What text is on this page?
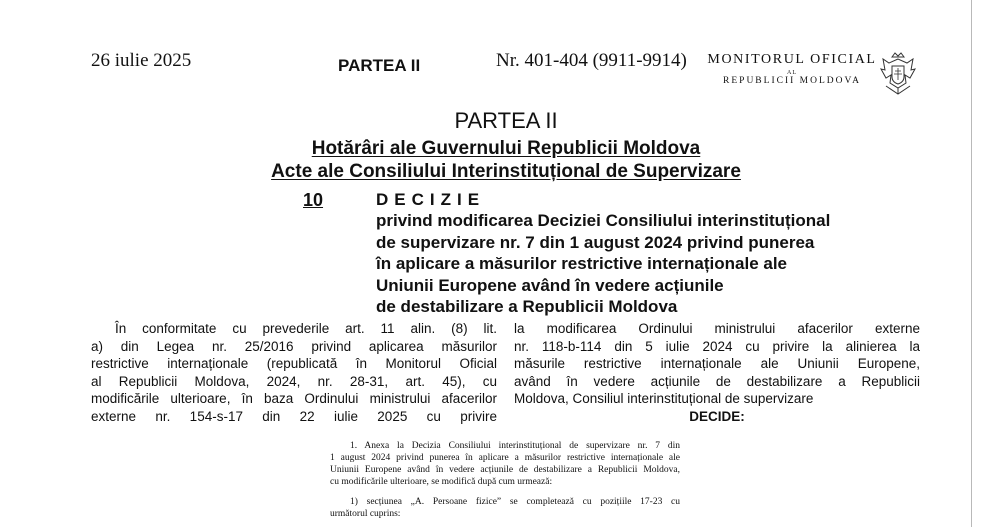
26 iulie 2025	PARTEA II	Nr. 401-404 (9911-9914) MONITORUL OFICIAL
AL
REPUBLICII MOLDOVA
PARTEA II
Hotărâri ale Guvernului Republicii Moldova
Acte ale Consiliului Interinstituțional de Supervizare
10	DECIZIE
privind modificarea Deciziei Consiliului interinstituțional
de supervizare nr. 7 din 1 august 2024 privind punerea
în aplicare a măsurilor restrictive internaționale ale
Uniunii Europene având în vedere acțiunile
de destabilizare a Republicii Moldova
În conformitate cu prevederile art. 11 alin. (8) lit.
a) din Legea nr. 25/2016 privind aplicarea măsurilor
restrictive internaționale (republicată în Monitorul Oficial
al Republicii Moldova, 2024, nr. 28-31, art. 45), cu
modificările ulterioare, în baza Ordinului ministrului afacerilor
externe nr. 154-s-17 din 22 iulie 2025 cu privire
la modificarea Ordinului ministrului afacerilor externe
nr. 118-b-114 din 5 iulie 2024 cu privire la alinierea la
măsurile restrictive internaționale ale Uniunii Europene,
având în vedere acțiunile de destabilizare a Republicii
Moldova, Consiliul interinstituțional de supervizare
DECIDE:
1. Anexa la Decizia Consiliului interinstituțional de supervizare nr. 7 din
1 august 2024 privind punerea în aplicare a măsurilor restrictive internaționale ale
Uniunii Europene având în vedere acțiunile de destabilizare a Republicii Moldova,
cu modificările ulterioare, se modifică după cum urmează:
1) secțiunea „A. Persoane fizice” se completează cu pozițiile 17-23 cu
următorul cuprins:
